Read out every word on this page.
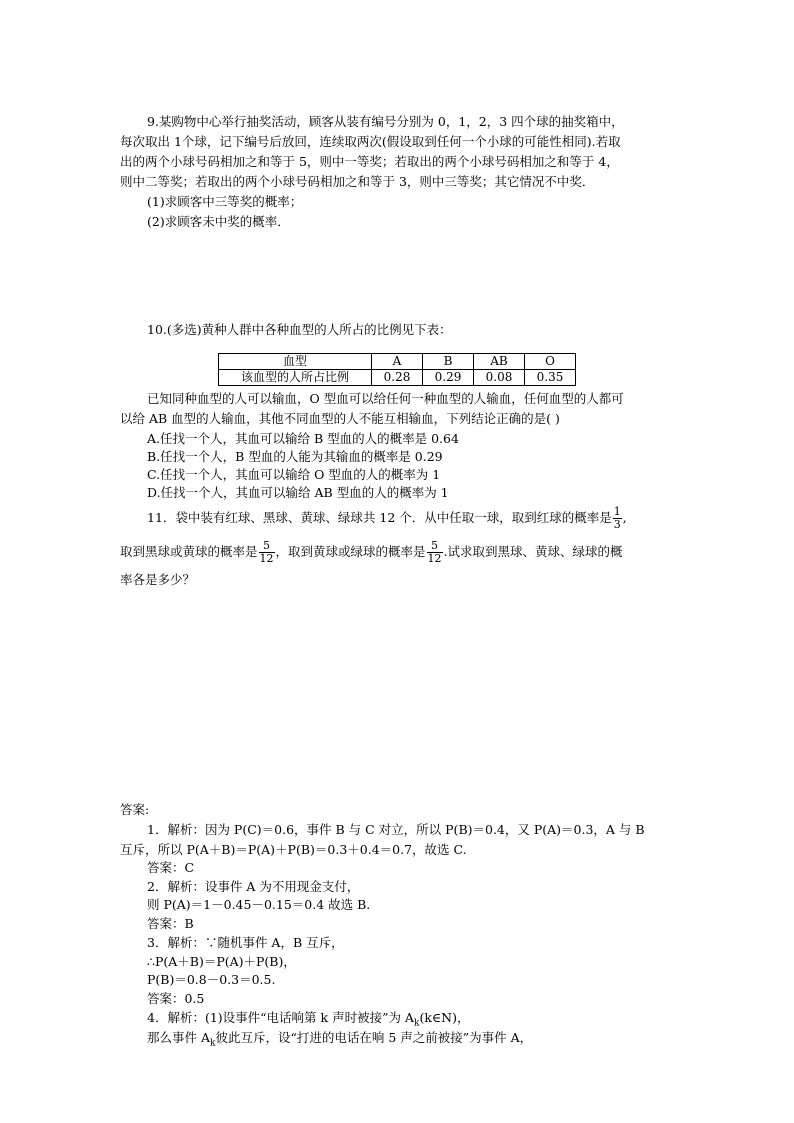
9.某购物中心举行抽奖活动，顾客从装有编号分别为 0，1，2，3 四个球的抽奖箱中，
每次取出 1个球，记下编号后放回，连续取两次(假设取到任何一个小球的可能性相同).若取
出的两个小球号码相加之和等于 5，则中一等奖；若取出的两个小球号码相加之和等于 4，
则中二等奖；若取出的两个小球号码相加之和等于 3，则中三等奖；其它情况不中奖．
(1)求顾客中三等奖的概率；
(2)求顾客未中奖的概率．
10.(多选)黄种人群中各种血型的人所占的比例见下表：
血型	A	B	AB	O
该血型的人所占比例	0.28	0.29	0.08	0.35
已知同种血型的人可以输血，O 型血可以给任何一种血型的人输血，任何血型的人都可
以给 AB 血型的人输血，其他不同血型的人不能互相输血，下列结论正确的是( )
A.任找一个人，其血可以输给 B 型血的人的概率是 0.64
B.任找一个人，B 型血的人能为其输血的概率是 0.29
C.任找一个人，其血可以输给 O 型血的人的概率为 1
D.任找一个人，其血可以输给 AB 型血的人的概率为 1
11．袋中装有红球、黑球、黄球、绿球共 12 个．从中任取一球，取到红球的概率是 $\frac{1}{3}$ ,
取到黑球或黄球的概率是 $\frac{5}{12}$ ，取到黄球或绿球的概率是 $\frac{5}{12}$ .试求取到黑球、黄球、绿球的概
率各是多少？
答案:
1．解析：因为 P(C)＝0.6，事件 B 与 C 对立，所以 P(B)＝0.4，又 P(A)＝0.3，A 与 B
互斥，所以 P(A＋B)＝P(A)＋P(B)＝0.3＋0.4＝0.7，故选 C.
答案：C
2．解析：设事件 A 为不用现金支付，
则 P(A)＝1－0.45－0.15＝0.4 故选 B.
答案：B
3．解析：∵随机事件 A，B 互斥，
∴P(A＋B)＝P(A)＋P(B)，
P(B)＝0.8－0.3＝0.5.
答案：0.5
4．解析：(1)设事件“电话响第 k 声时被接”为 $A_k(k\in N)$，
那么事件 $A_k$彼此互斥，设“打进的电话在响 5 声之前被接”为事件 A，
